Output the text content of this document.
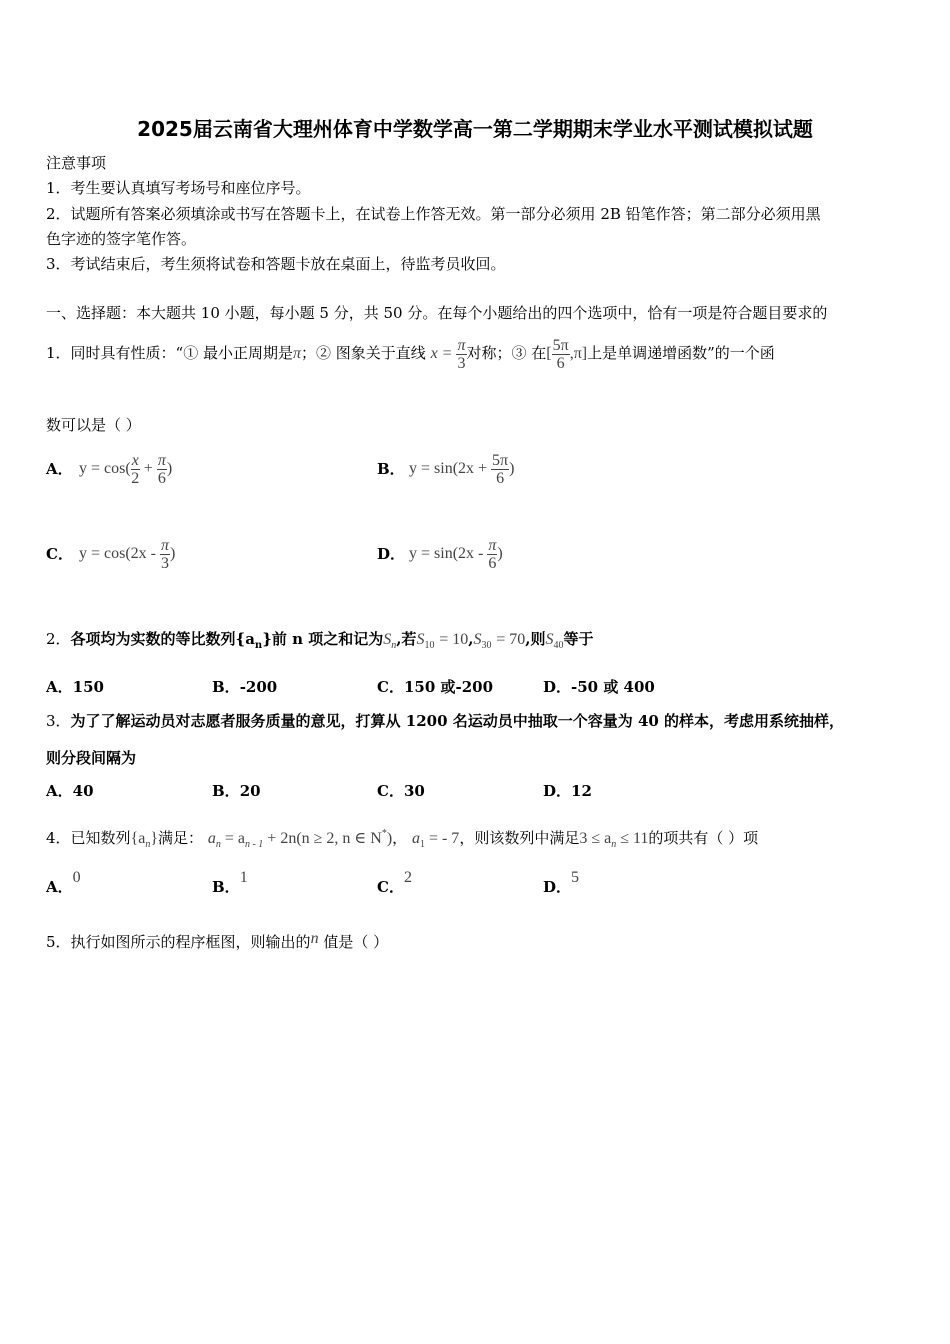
2025届云南省大理州体育中学数学高一第二学期期末学业水平测试模拟试题
注意事项
1．考生要认真填写考场号和座位序号。
2．试题所有答案必须填涂或书写在答题卡上，在试卷上作答无效。第一部分必须用 2B 铅笔作答；第二部分必须用黑
色字迹的签字笔作答。
3．考试结束后，考生须将试卷和答题卡放在桌面上，待监考员收回。
一、选择题：本大题共 10 小题，每小题 5 分，共 50 分。在每个小题给出的四个选项中，恰有一项是符合题目要求的
1．同时具有性质：“① 最小正周期是π；② 图象关于直线 $x = \frac{\pi}{3}$ 对称；③ 在[ $\frac{5\pi}{6} ,\pi$]上是单调递增函数”的一个函
数可以是（ ）
A． $y = \cos( \frac{x}{2} + \frac{\pi}{6}$ )	B． $y = \sin(2x + \frac{5\pi}{6}$ )
C． $y = \cos(2x - \frac{\pi}{3}$ )	D． $y = \sin(2x - \frac{\pi}{6}$ )
2．各项均为实数的等比数列$\{a_n\}$前 n 项之和记为$S_n$,若$S_{10} = 10,S_{30} = 70$,则$S_{40}$等于
A．150	B．-200	C．150 或-200	D．-50 或 400
3．为了了解运动员对志愿者服务质量的意见，打算从 1200 名运动员中抽取一个容量为 40 的样本，考虑用系统抽样，
则分段间隔为
A．40	B．20	C．30	D．12
4．已知数列$\{a_n\}$满足： $a_n = a_{n - 1} + 2n(n \ge 2$, n ∈ N*)， $a_1$ = - 7，则该数列中满足$3 \le a_n \le 11$的项共有（ ）项
A．0
B．1
C．2
D．5
5．执行如图所示的程序框图，则输出的n 值是（ ）
